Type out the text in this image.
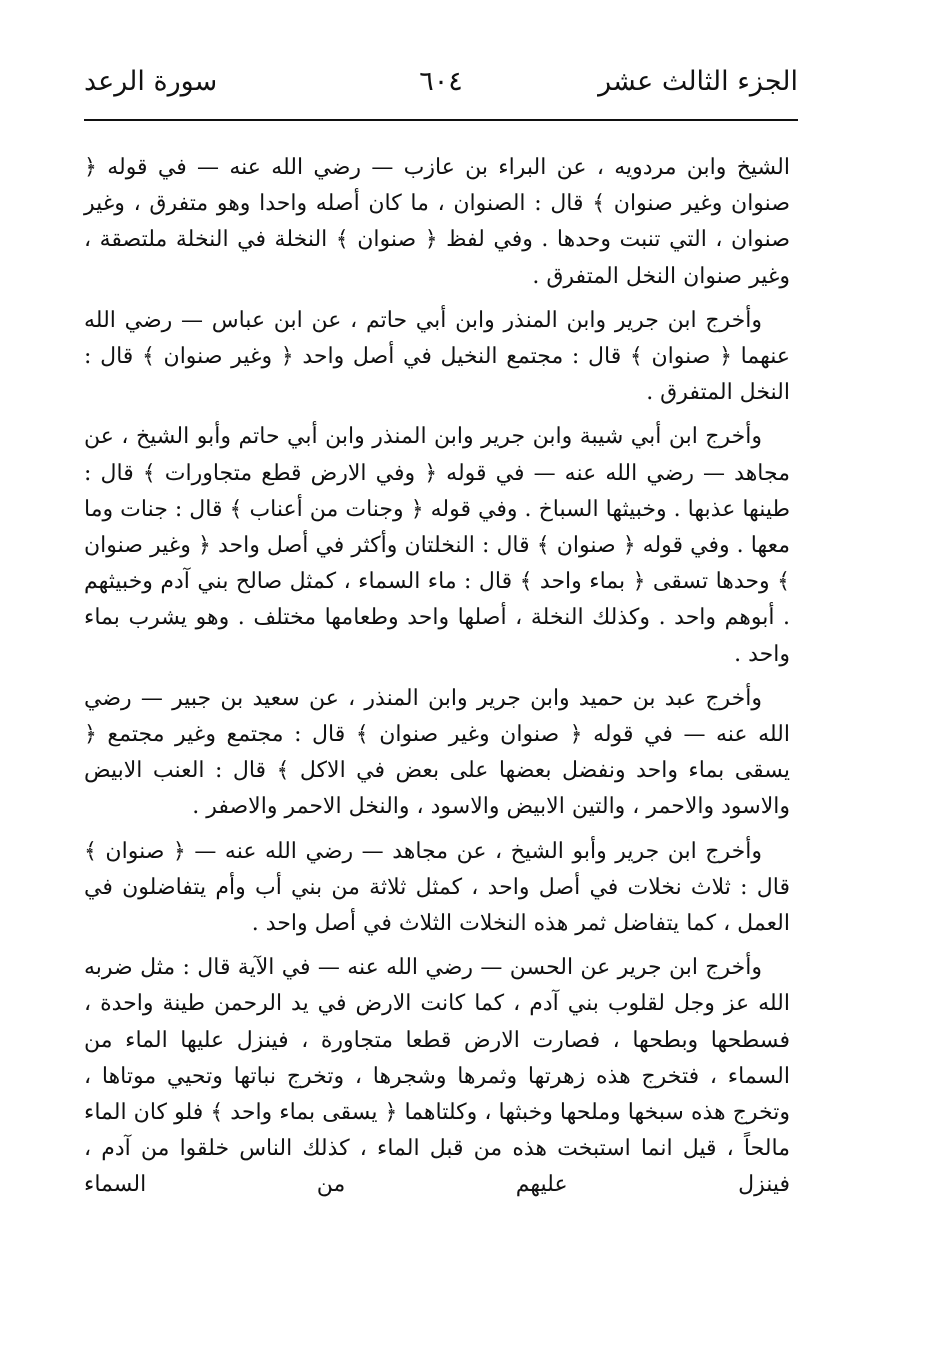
الجزء الثالث عشر
٦٠٤
سورة الرعد

الشيخ وابن مردويه ، عن البراء بن عازب — رضي الله عنه — في قوله ﴿ صنوان وغير صنوان ﴾ قال : الصنوان ، ما كان أصله واحدا وهو متفرق ، وغير صنوان ، التي تنبت وحدها . وفي لفظ ﴿ صنوان ﴾ النخلة في النخلة ملتصقة ، وغير صنوان النخل المتفرق .

وأخرج ابن جرير وابن المنذر وابن أبي حاتم ، عن ابن عباس — رضي الله عنهما ﴿ صنوان ﴾ قال : مجتمع النخيل في أصل واحد ﴿ وغير صنوان ﴾ قال : النخل المتفرق .

وأخرج ابن أبي شيبة وابن جرير وابن المنذر وابن أبي حاتم وأبو الشيخ ، عن مجاهد — رضي الله عنه — في قوله ﴿ وفي الارض قطع متجاورات ﴾ قال : طينها عذبها . وخبيثها السباخ . وفي قوله ﴿ وجنات من أعناب ﴾ قال : جنات وما معها . وفي قوله ﴿ صنوان ﴾ قال : النخلتان وأكثر في أصل واحد ﴿ وغير صنوان ﴾ وحدها تسقى ﴿ بماء واحد ﴾ قال : ماء السماء ، كمثل صالح بني آدم وخبيثهم . أبوهم واحد . وكذلك النخلة ، أصلها واحد وطعامها مختلف . وهو يشرب بماء واحد .

وأخرج عبد بن حميد وابن جرير وابن المنذر ، عن سعيد بن جبير — رضي الله عنه — في قوله ﴿ صنوان وغير صنوان ﴾ قال : مجتمع وغير مجتمع ﴿ يسقى بماء واحد ونفضل بعضها على بعض في الاكل ﴾ قال : العنب الابيض والاسود والاحمر ، والتين الابيض والاسود ، والنخل الاحمر والاصفر .

وأخرج ابن جرير وأبو الشيخ ، عن مجاهد — رضي الله عنه — ﴿ صنوان ﴾ قال : ثلاث نخلات في أصل واحد ، كمثل ثلاثة من بني أب وأم يتفاضلون في العمل ، كما يتفاضل ثمر هذه النخلات الثلاث في أصل واحد .

وأخرج ابن جرير عن الحسن — رضي الله عنه — في الآية قال : مثل ضربه الله عز وجل لقلوب بني آدم ، كما كانت الارض في يد الرحمن طينة واحدة ، فسطحها وبطحها ، فصارت الارض قطعا متجاورة ، فينزل عليها الماء من السماء ، فتخرج هذه زهرتها وثمرها وشجرها ، وتخرج نباتها وتحيي موتاها ، وتخرج هذه سبخها وملحها وخبثها ، وكلتاهما ﴿ يسقى بماء واحد ﴾ فلو كان الماء مالحاً ، قيل انما استبخت هذه من قبل الماء ، كذلك الناس خلقوا من آدم ، فينزل عليهم من السماء
